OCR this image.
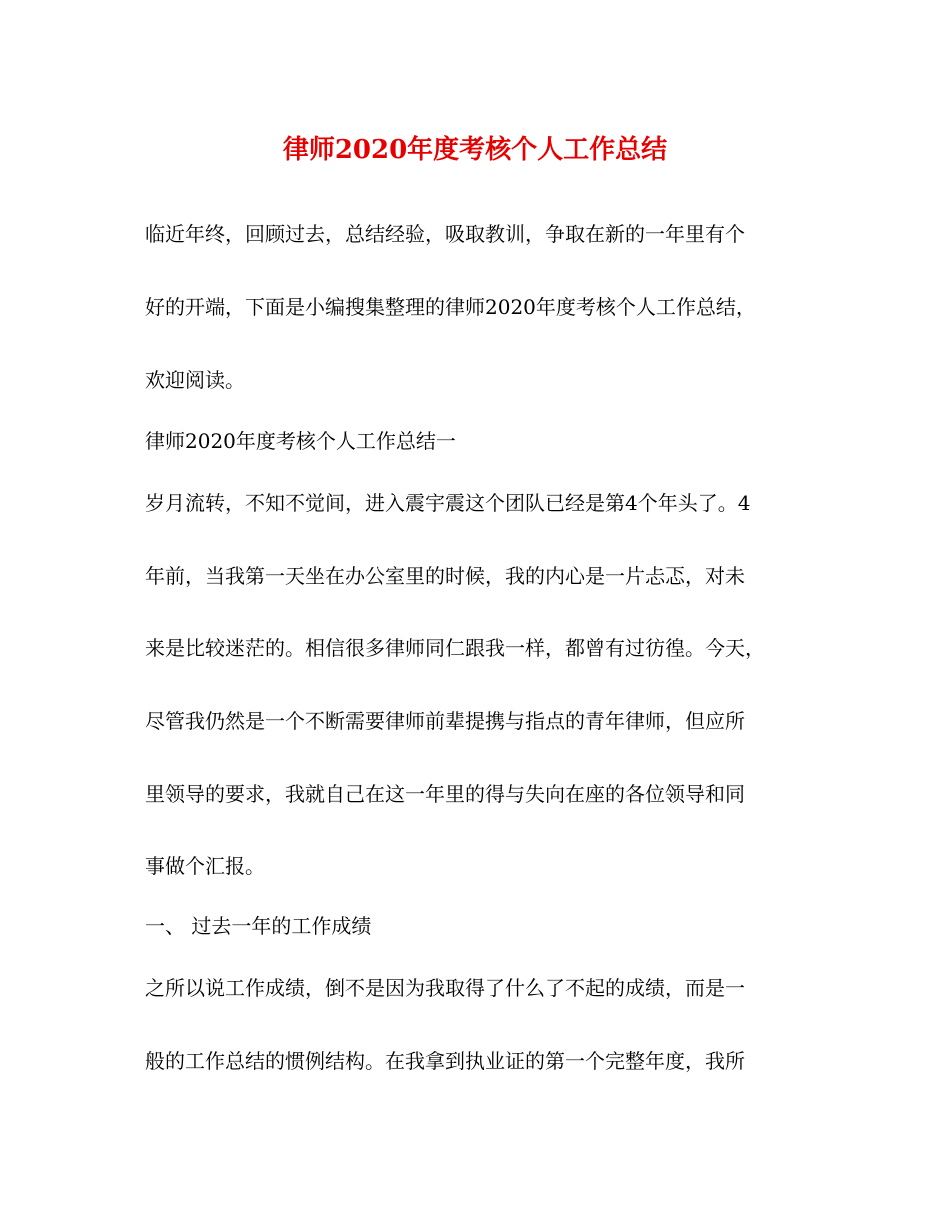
律师2020年度考核个人工作总结

临近年终，回顾过去，总结经验，吸取教训，争取在新的一年里有个

好的开端，下面是小编搜集整理的律师2020年度考核个人工作总结，

欢迎阅读。

律师2020年度考核个人工作总结一

岁月流转，不知不觉间，进入震宇震这个团队已经是第4个年头了。4

年前，当我第一天坐在办公室里的时候，我的内心是一片忐忑，对未

来是比较迷茫的。相信很多律师同仁跟我一样，都曾有过彷徨。今天，

尽管我仍然是一个不断需要律师前辈提携与指点的青年律师，但应所

里领导的要求，我就自己在这一年里的得与失向在座的各位领导和同

事做个汇报。

一、 过去一年的工作成绩

之所以说工作成绩，倒不是因为我取得了什么了不起的成绩，而是一

般的工作总结的惯例结构。在我拿到执业证的第一个完整年度，我所
